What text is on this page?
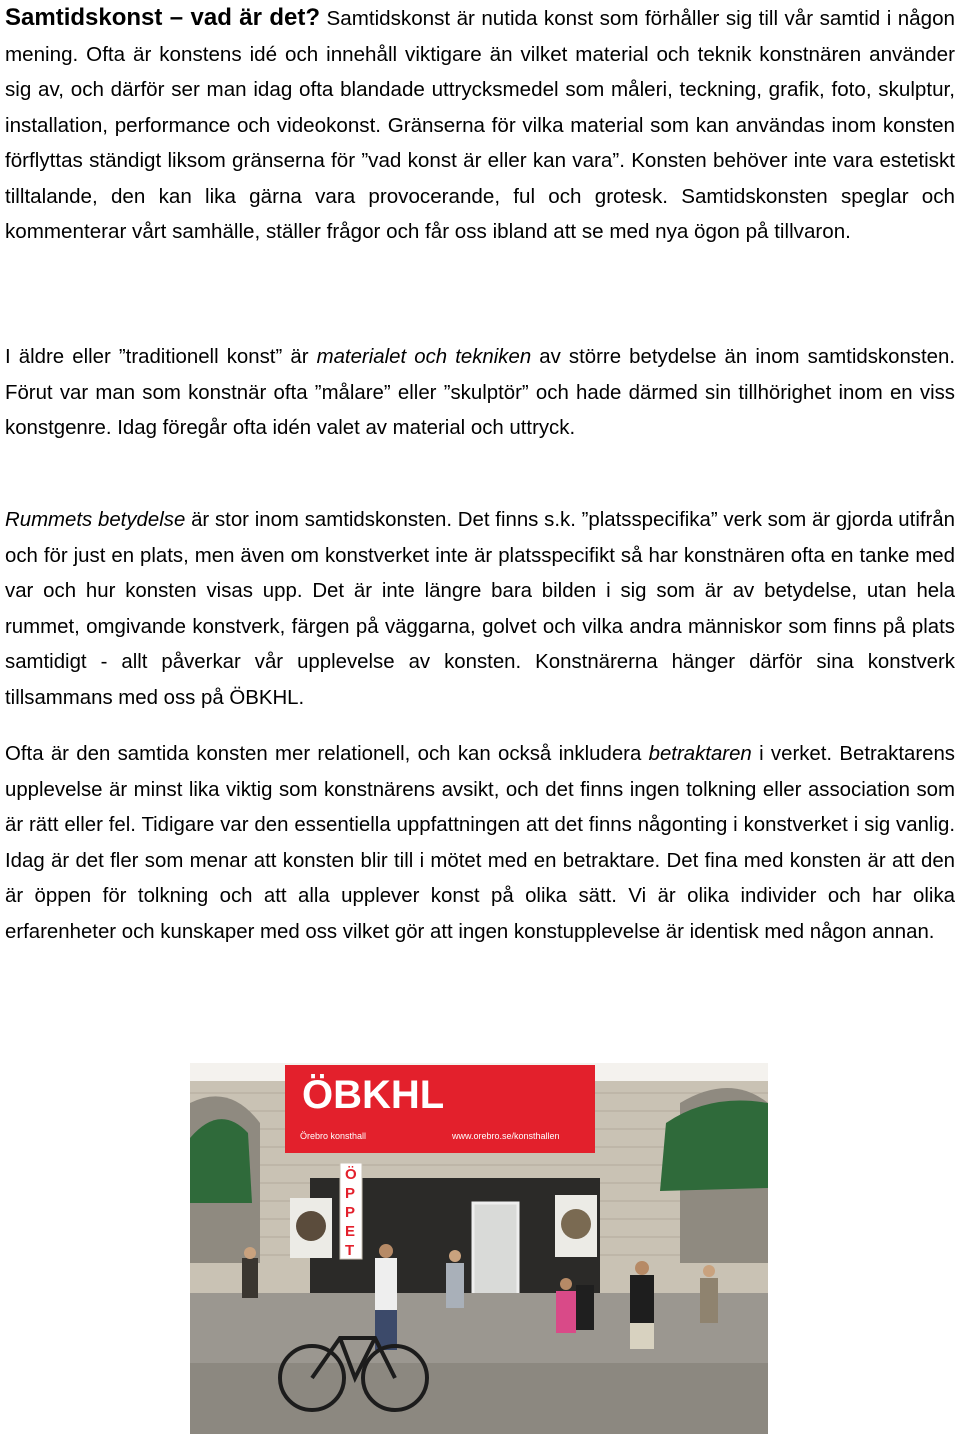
Samtidskonst – vad är det? Samtidskonst är nutida konst som förhåller sig till vår samtid i någon mening. Ofta är konstens idé och innehåll viktigare än vilket material och teknik konstnären använder sig av, och därför ser man idag ofta blandade uttrycksmedel som måleri, teckning, grafik, foto, skulptur, installation, performance och videokonst. Gränserna för vilka material som kan användas inom konsten förflyttas ständigt liksom gränserna för ”vad konst är eller kan vara”. Konsten behöver inte vara estetiskt tilltalande, den kan lika gärna vara provocerande, ful och grotesk. Samtidskonsten speglar och kommenterar vårt samhälle, ställer frågor och får oss ibland att se med nya ögon på tillvaron.

I äldre eller ”traditionell konst” är materialet och tekniken av större betydelse än inom samtidskonsten. Förut var man som konstnär ofta ”målare” eller ”skulptör” och hade därmed sin tillhörighet inom en viss konstgenre. Idag föregår ofta idén valet av material och uttryck.

Rummets betydelse är stor inom samtidskonsten. Det finns s.k. ”platsspecifika” verk som är gjorda utifrån och för just en plats, men även om konstverket inte är platsspecifikt så har konstnären ofta en tanke med var och hur konsten visas upp. Det är inte längre bara bilden i sig som är av betydelse, utan hela rummet, omgivande konstverk, färgen på väggarna, golvet och vilka andra människor som finns på plats samtidigt - allt påverkar vår upplevelse av konsten. Konstnärerna hänger därför sina konstverk tillsammans med oss på ÖBKHL.

Ofta är den samtida konsten mer relationell, och kan också inkludera betraktaren i verket. Betraktarens upplevelse är minst lika viktig som konstnärens avsikt, och det finns ingen tolkning eller association som är rätt eller fel. Tidigare var den essentiella uppfattningen att det finns någonting i konstverket i sig vanlig. Idag är det fler som menar att konsten blir till i mötet med en betraktare. Det fina med konsten är att den är öppen för tolkning och att alla upplever konst på olika sätt. Vi är olika individer och har olika erfarenheter och kunskaper med oss vilket gör att ingen konstupplevelse är identisk med någon annan.

ÖBKHL
Örebro konsthall	www.orebro.se/konsthallen
Ö
P
P
E
T
